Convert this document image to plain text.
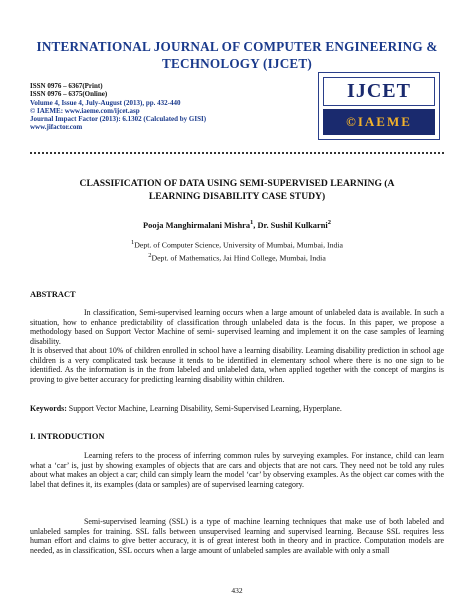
INTERNATIONAL JOURNAL OF COMPUTER ENGINEERING &
TECHNOLOGY (IJCET)
ISSN 0976 – 6367(Print)
ISSN 0976 – 6375(Online)
Volume 4, Issue 4, July-August (2013), pp. 432-440
© IAEME: www.iaeme.com/ijcet.asp
Journal Impact Factor (2013): 6.1302 (Calculated by GISI)
www.jifactor.com
IJCET
©IAEME
CLASSIFICATION OF DATA USING SEMI-SUPERVISED LEARNING (A
LEARNING DISABILITY CASE STUDY)
Pooja Manghirmalani Mishra$^1$, Dr. Sushil Kulkarni$^2$
$^1$Dept. of Computer Science, University of Mumbai, Mumbai, India
$^2$Dept. of Mathematics, Jai Hind College, Mumbai, India
ABSTRACT

In classification, Semi-supervised learning occurs when a large amount of unlabeled data is available. In such a situation, how to enhance predictability of classification through unlabeled data is the focus. In this paper, we propose a methodology based on Support Vector Machine of semi- supervised learning and implement it on the case samples of learning disability.

It is observed that about 10% of children enrolled in school have a learning disability. Learning disability prediction in school age children is a very complicated task because it tends to be identified in elementary school where there is no one sign to be identified. As the information is in the from labeled and unlabeled data, when applied together with the concept of margins is proving to give better accuracy for predicting learning disability within children.

Keywords: Support Vector Machine, Learning Disability, Semi-Supervised Learning, Hyperplane.

I. INTRODUCTION

Learning refers to the process of inferring common rules by surveying examples. For instance, child can learn what a ‘car’ is, just by showing examples of objects that are cars and objects that are not cars. They need not be told any rules about what makes an object a car; child can simply learn the model ‘car’ by observing examples. As the object car comes with the label that defines it, its examples (data or samples) are of supervised learning category.

Semi-supervised learning (SSL) is a type of machine learning techniques that make use of both labeled and unlabeled samples for training. SSL falls between unsupervised learning and supervised learning. Because SSL requires less human effort and claims to give better accuracy, it is of great interest both in theory and in practice. Computation models are needed, as in classification, SSL occurs when a large amount of unlabeled samples are available with only a small

432
